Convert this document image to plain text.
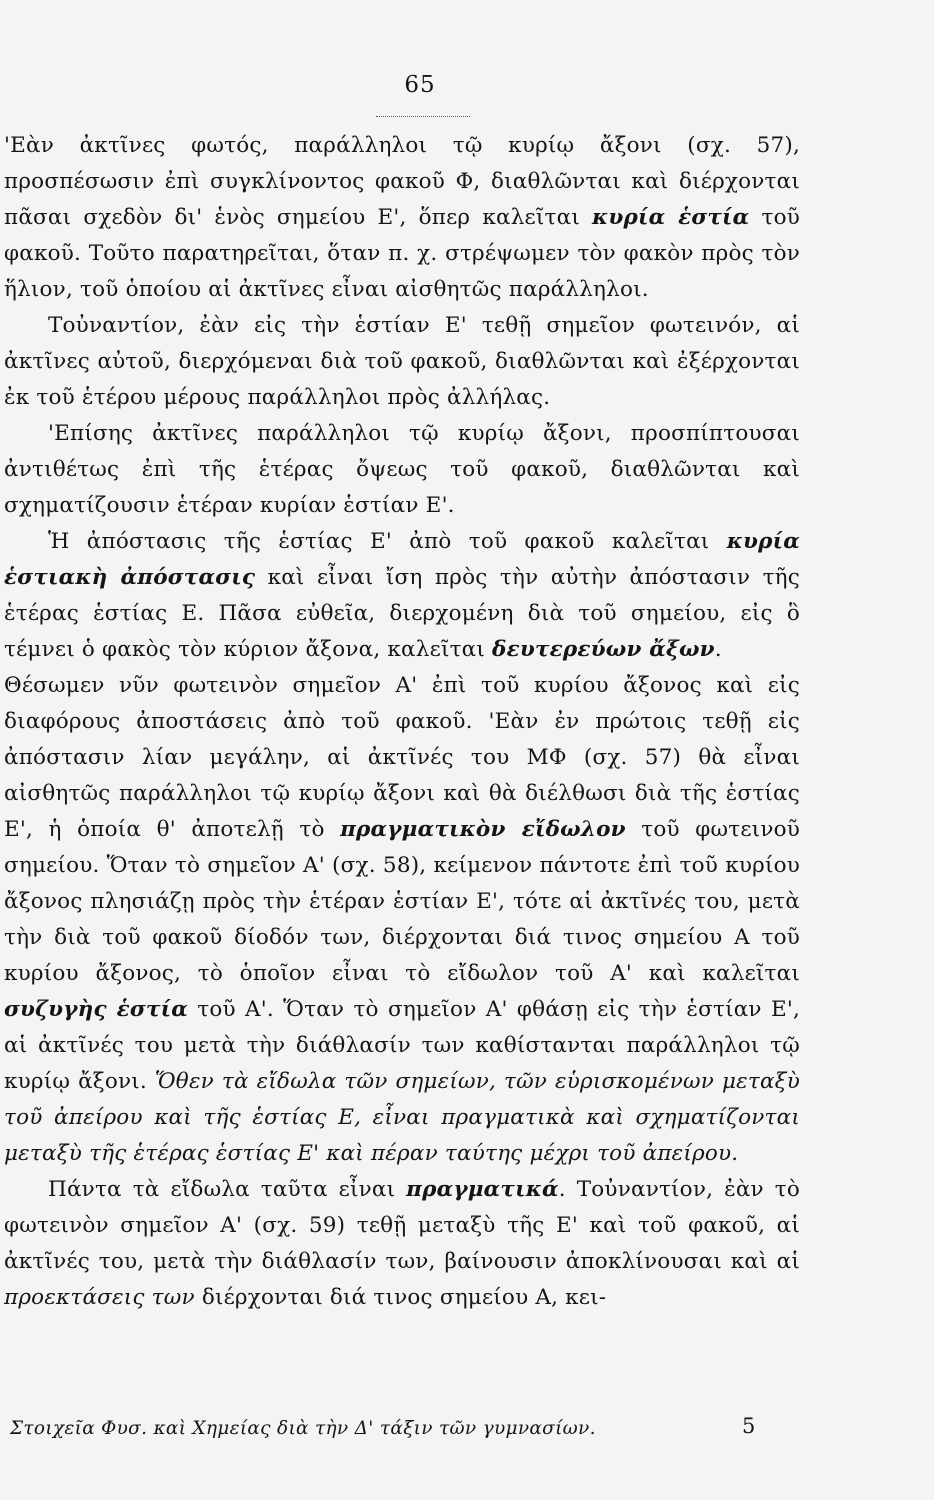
65

'Εὰν ἀκτῖνες φωτός, παράλληλοι τῷ κυρίῳ ἄξονι (σχ. 57), προσπέσωσιν ἐπὶ συγκλίνοντος φακοῦ Φ, διαθλῶνται καὶ διέρχονται πᾶσαι σχεδὸν δι' ἑνὸς σημείου Ε', ὅπερ καλεῖται κυρία ἑστία τοῦ φακοῦ. Τοῦτο παρατηρεῖται, ὅταν π. χ. στρέψωμεν τὸν φακὸν πρὸς τὸν ἥλιον, τοῦ ὁποίου αἱ ἀκτῖνες εἶναι αἰσθητῶς παράλληλοι.

Τοὐναντίον, ἐὰν εἰς τὴν ἑστίαν Ε' τεθῇ σημεῖον φωτεινόν, αἱ ἀκτῖνες αὐτοῦ, διερχόμεναι διὰ τοῦ φακοῦ, διαθλῶνται καὶ ἐξέρχονται ἐκ τοῦ ἑτέρου μέρους παράλληλοι πρὸς ἀλλήλας.

'Επίσης ἀκτῖνες παράλληλοι τῷ κυρίῳ ἄξονι, προσπίπτουσαι ἀντιθέτως ἐπὶ τῆς ἑτέρας ὄψεως τοῦ φακοῦ, διαθλῶνται καὶ σχηματίζουσιν ἑτέραν κυρίαν ἑστίαν Ε'.

Ἡ ἀπόστασις τῆς ἑστίας Ε' ἀπὸ τοῦ φακοῦ καλεῖται κυρία ἑστιακὴ ἀπόστασις καὶ εἶναι ἴση πρὸς τὴν αὐτὴν ἀπόστασιν τῆς ἑτέρας ἑστίας Ε. Πᾶσα εὐθεῖα, διερχομένη διὰ τοῦ σημείου, εἰς ὃ τέμνει ὁ φακὸς τὸν κύριον ἄξονα, καλεῖται δευτερεύων ἄξων.

Θέσωμεν νῦν φωτεινὸν σημεῖον Α' ἐπὶ τοῦ κυρίου ἄξονος καὶ εἰς διαφόρους ἀποστάσεις ἀπὸ τοῦ φακοῦ. 'Εὰν ἐν πρώτοις τεθῇ εἰς ἀπόστασιν λίαν μεγάλην, αἱ ἀκτῖνές του ΜΦ (σχ. 57) θὰ εἶναι αἰσθητῶς παράλληλοι τῷ κυρίῳ ἄξονι καὶ θὰ διέλθωσι διὰ τῆς ἑστίας Ε', ἡ ὁποία θ' ἀποτελῇ τὸ πραγματικὸν εἴδωλον τοῦ φωτεινοῦ σημείου. Ὅταν τὸ σημεῖον Α' (σχ. 58), κείμενον πάντοτε ἐπὶ τοῦ κυρίου ἄξονος πλησιάζῃ πρὸς τὴν ἑτέραν ἑστίαν Ε', τότε αἱ ἀκτῖνές του, μετὰ τὴν διὰ τοῦ φακοῦ δίοδόν των, διέρχονται διά τινος σημείου Α τοῦ κυρίου ἄξονος, τὸ ὁποῖον εἶναι τὸ εἴδωλον τοῦ Α' καὶ καλεῖται συζυγὴς ἑστία τοῦ Α'. Ὅταν τὸ σημεῖον Α' φθάσῃ εἰς τὴν ἑστίαν Ε', αἱ ἀκτῖνές του μετὰ τὴν διάθλασίν των καθίστανται παράλληλοι τῷ κυρίῳ ἄξονι. Ὅθεν τὰ εἴδωλα τῶν σημείων, τῶν εὑρισκομένων μεταξὺ τοῦ ἀπείρου καὶ τῆς ἑστίας Ε, εἶναι πραγματικὰ καὶ σχηματίζονται μεταξὺ τῆς ἑτέρας ἑστίας Ε' καὶ πέραν ταύτης μέχρι τοῦ ἀπείρου.

Πάντα τὰ εἴδωλα ταῦτα εἶναι πραγματικά. Τοὐναντίον, ἐὰν τὸ φωτεινὸν σημεῖον Α' (σχ. 59) τεθῇ μεταξὺ τῆς Ε' καὶ τοῦ φακοῦ, αἱ ἀκτῖνές του, μετὰ τὴν διάθλασίν των, βαίνουσιν ἀποκλίνουσαι καὶ αἱ προεκτάσεις των διέρχονται διά τινος σημείου Α, κει-

Στοιχεῖα Φυσ. καὶ Χημείας διὰ τὴν Δ' τάξιν τῶν γυμνασίων.	5
